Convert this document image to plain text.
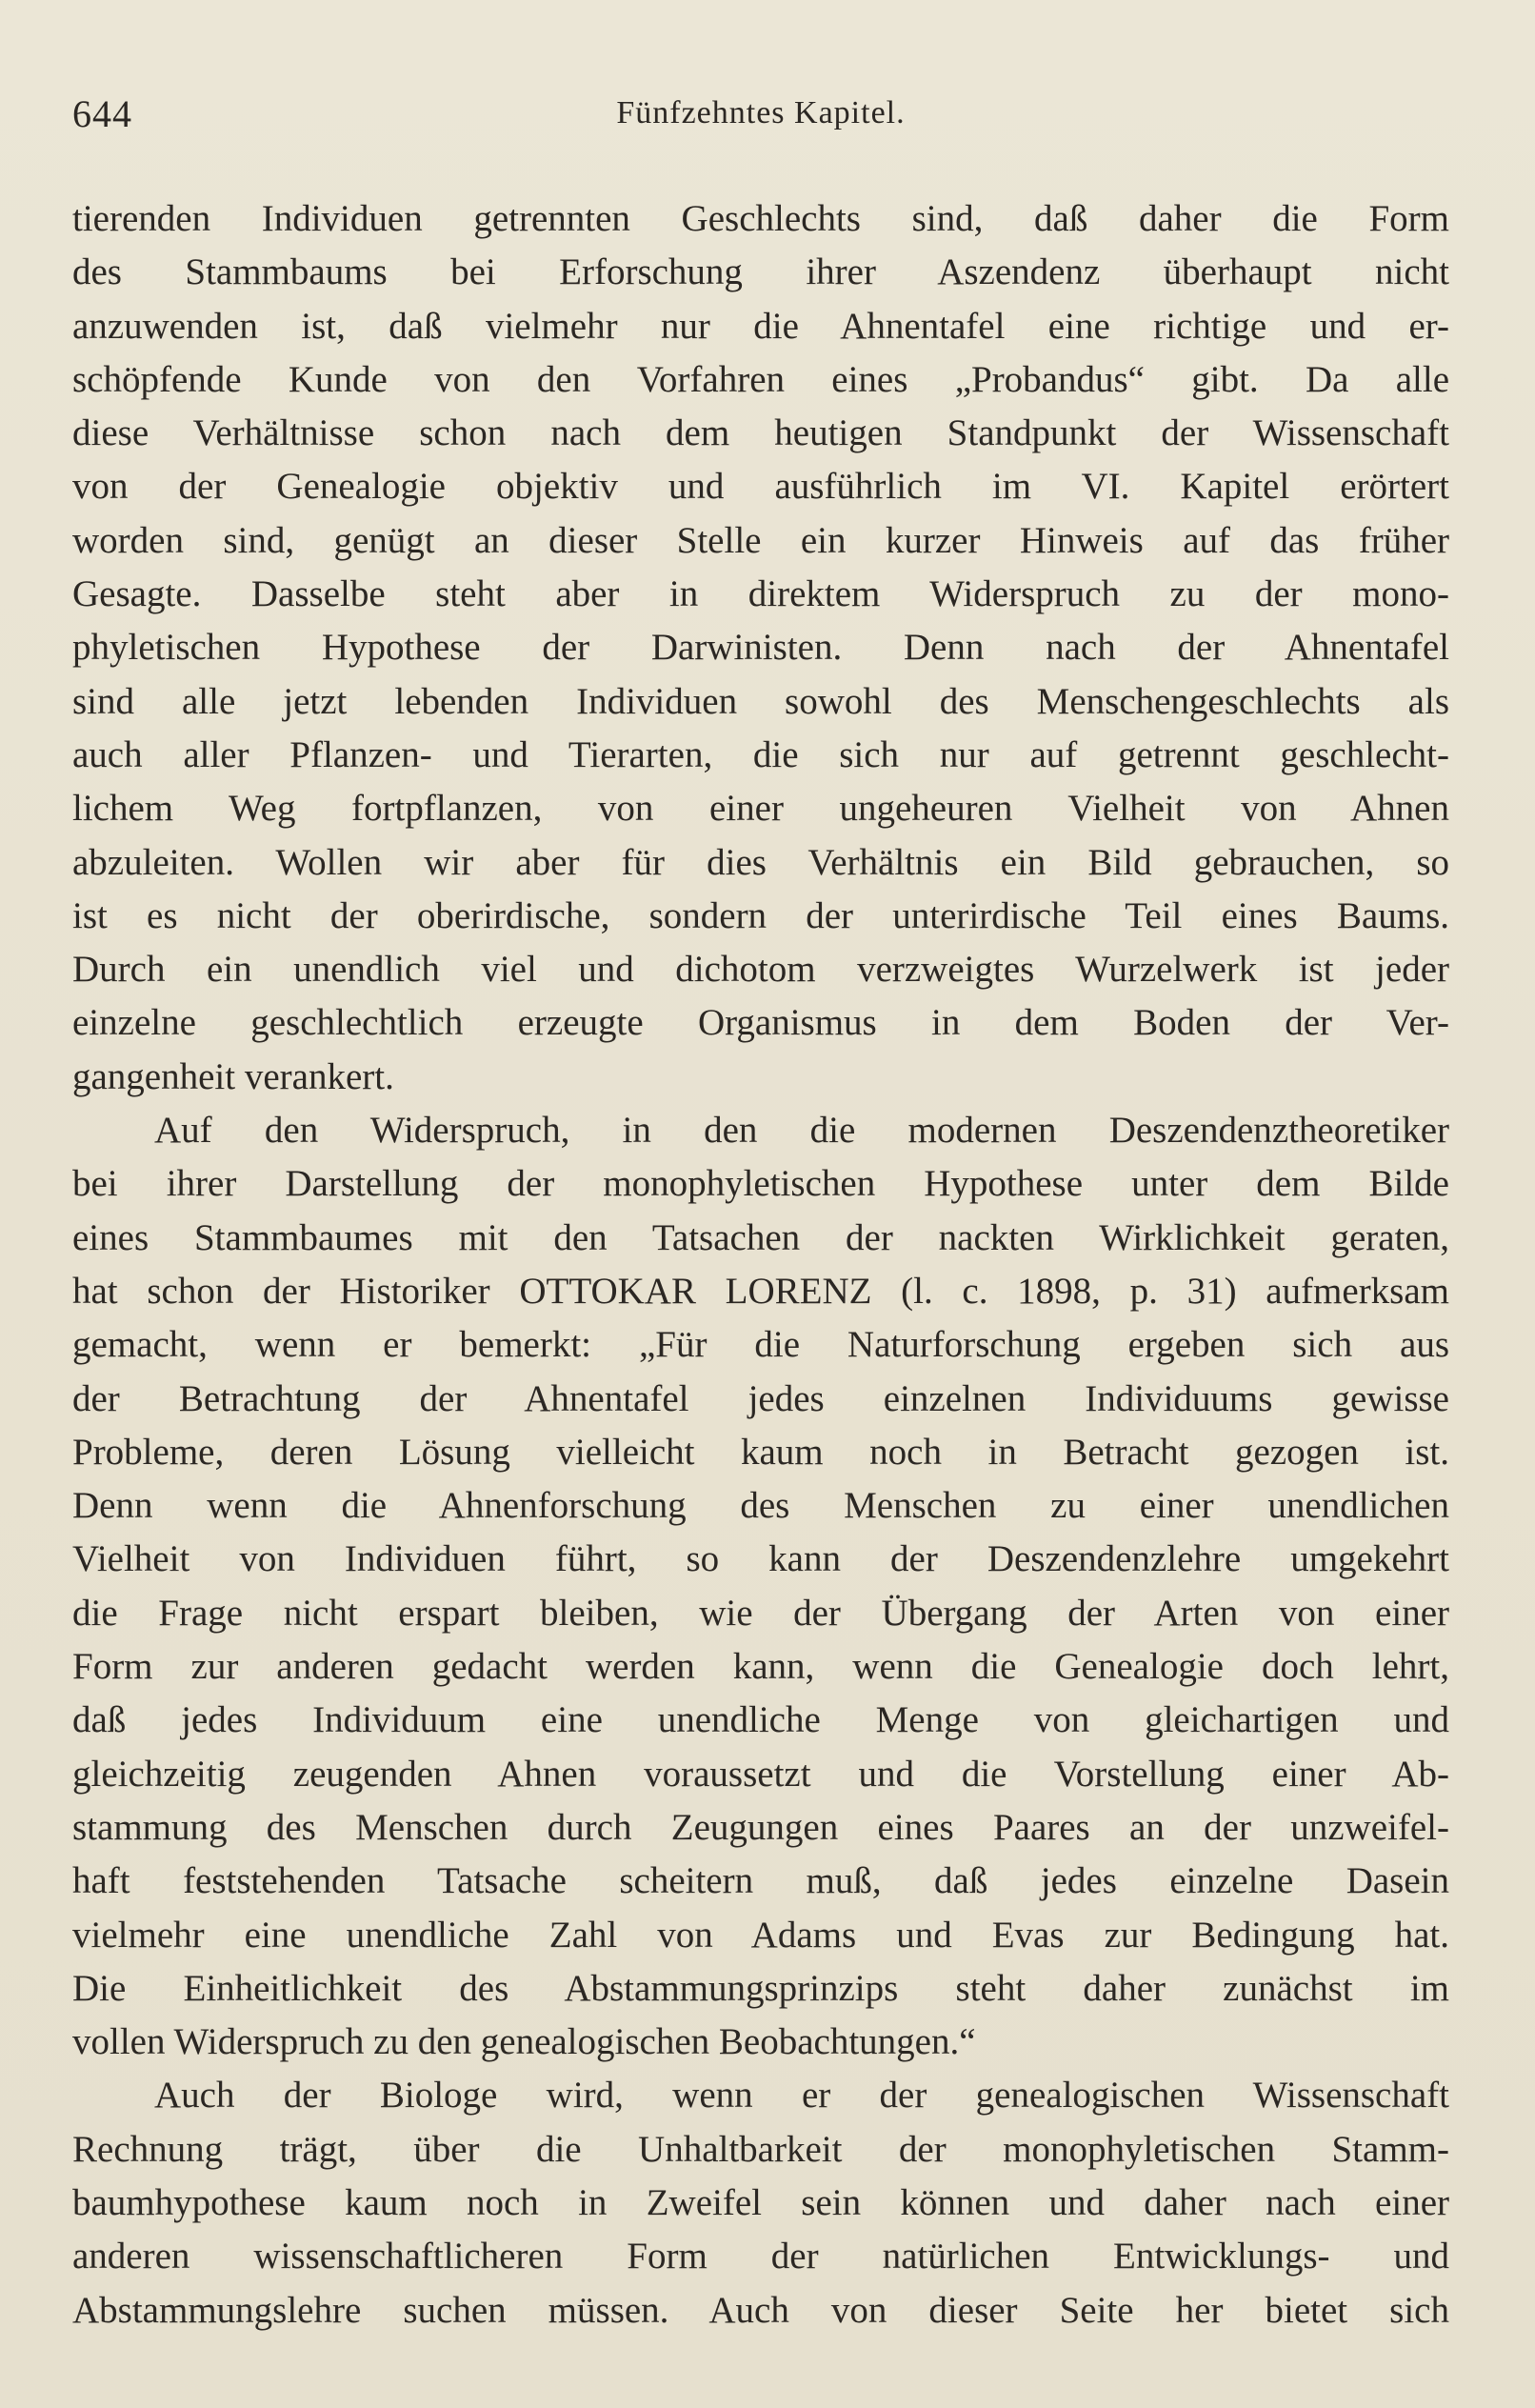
644	Fünfzehntes Kapitel.
tierenden Individuen getrennten Geschlechts sind, daß daher die Form
des Stammbaums bei Erforschung ihrer Aszendenz überhaupt nicht
anzuwenden ist, daß vielmehr nur die Ahnentafel eine richtige und er-
schöpfende Kunde von den Vorfahren eines „Probandus“ gibt. Da alle
diese Verhältnisse schon nach dem heutigen Standpunkt der Wissenschaft
von der Genealogie objektiv und ausführlich im VI. Kapitel erörtert
worden sind, genügt an dieser Stelle ein kurzer Hinweis auf das früher
Gesagte. Dasselbe steht aber in direktem Widerspruch zu der mono-
phyletischen Hypothese der Darwinisten. Denn nach der Ahnentafel
sind alle jetzt lebenden Individuen sowohl des Menschengeschlechts als
auch aller Pflanzen- und Tierarten, die sich nur auf getrennt geschlecht-
lichem Weg fortpflanzen, von einer ungeheuren Vielheit von Ahnen
abzuleiten. Wollen wir aber für dies Verhältnis ein Bild gebrauchen, so
ist es nicht der oberirdische, sondern der unterirdische Teil eines Baums.
Durch ein unendlich viel und dichotom verzweigtes Wurzelwerk ist jeder
einzelne geschlechtlich erzeugte Organismus in dem Boden der Ver-
gangenheit verankert.
Auf den Widerspruch, in den die modernen Deszendenztheoretiker
bei ihrer Darstellung der monophyletischen Hypothese unter dem Bilde
eines Stammbaumes mit den Tatsachen der nackten Wirklichkeit geraten,
hat schon der Historiker OTTOKAR LORENZ (l. c. 1898, p. 31) aufmerksam
gemacht, wenn er bemerkt: „Für die Naturforschung ergeben sich aus
der Betrachtung der Ahnentafel jedes einzelnen Individuums gewisse
Probleme, deren Lösung vielleicht kaum noch in Betracht gezogen ist.
Denn wenn die Ahnenforschung des Menschen zu einer unendlichen
Vielheit von Individuen führt, so kann der Deszendenzlehre umgekehrt
die Frage nicht erspart bleiben, wie der Übergang der Arten von einer
Form zur anderen gedacht werden kann, wenn die Genealogie doch lehrt,
daß jedes Individuum eine unendliche Menge von gleichartigen und
gleichzeitig zeugenden Ahnen voraussetzt und die Vorstellung einer Ab-
stammung des Menschen durch Zeugungen eines Paares an der unzweifel-
haft feststehenden Tatsache scheitern muß, daß jedes einzelne Dasein
vielmehr eine unendliche Zahl von Adams und Evas zur Bedingung hat.
Die Einheitlichkeit des Abstammungsprinzips steht daher zunächst im
vollen Widerspruch zu den genealogischen Beobachtungen.“
Auch der Biologe wird, wenn er der genealogischen Wissenschaft
Rechnung trägt, über die Unhaltbarkeit der monophyletischen Stamm-
baumhypothese kaum noch in Zweifel sein können und daher nach einer
anderen wissenschaftlicheren Form der natürlichen Entwicklungs- und
Abstammungslehre suchen müssen. Auch von dieser Seite her bietet sich
